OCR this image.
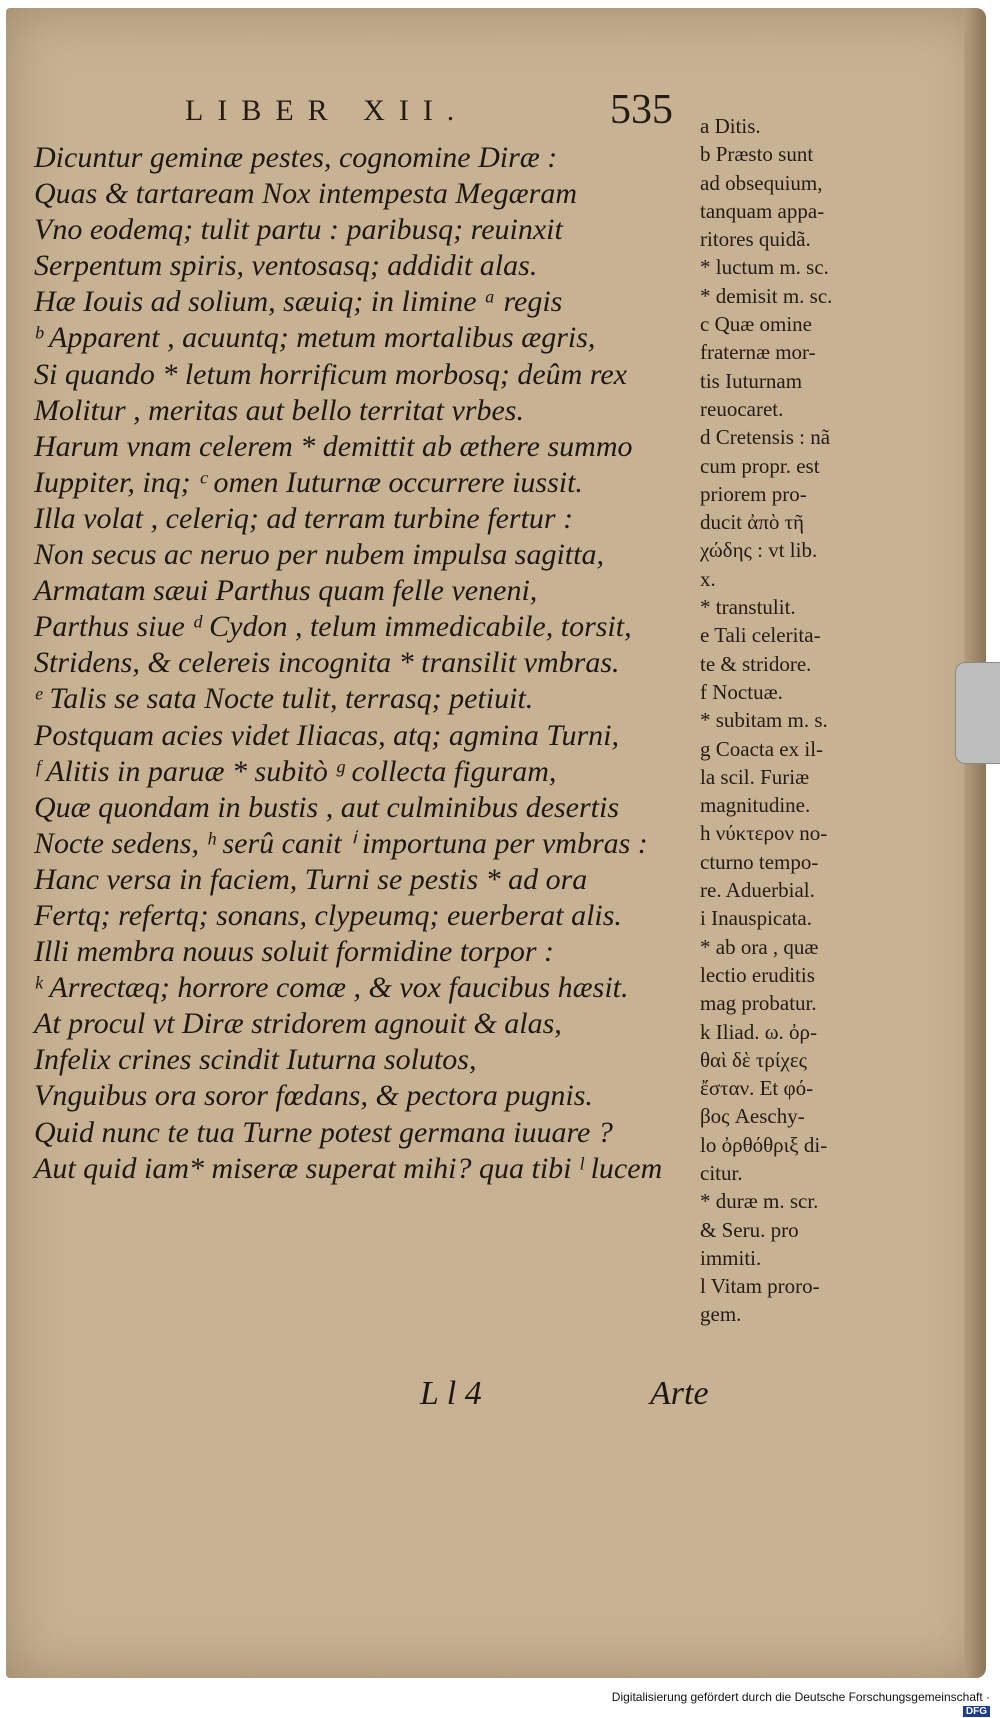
LIBER XII.	535
Dicuntur geminæ pestes, cognomine Diræ :
Quas & tartaream Nox intempesta Megæram
Vno eodemq; tulit partu : paribusq; reuinxit
Serpentum spiris, ventosasq; addidit alas.
Hæ Iouis ad solium, sæuiq; in limine ᵃ regis
ᵇ Apparent , acuuntq; metum mortalibus ægris,
Si quando * letum horrificum morbosq; deûm rex
Molitur , meritas aut bello territat vrbes.
Harum vnam celerem * demittit ab æthere summo
Iuppiter, inq; ᶜ omen Iuturnæ occurrere iussit.
Illa volat , celeriq; ad terram turbine fertur :
Non secus ac neruo per nubem impulsa sagitta,
Armatam sæui Parthus quam felle veneni,
Parthus siue ᵈ Cydon , telum immedicabile, torsit,
Stridens, & celereis incognita * transilit vmbras.
ᵉ Talis se sata Nocte tulit, terrasq; petiuit.
Postquam acies videt Iliacas, atq; agmina Turni,
ᶠ Alitis in paruæ * subitò ᵍ collecta figuram,
Quæ quondam in bustis , aut culminibus desertis
Nocte sedens, ʰ serû canit ⁱ importuna per vmbras :
Hanc versa in faciem, Turni se pestis * ad ora
Fertq; refertq; sonans, clypeumq; euerberat alis.
Illi membra nouus soluit formidine torpor :
ᵏ Arrectæq; horrore comæ , & vox faucibus hæsit.
At procul vt Diræ stridorem agnouit & alas,
Infelix crines scindit Iuturna solutos,
Vnguibus ora soror fœdans, & pectora pugnis.
Quid nunc te tua Turne potest germana iuuare ?
Aut quid iam* miseræ superat mihi? qua tibi ˡ lucem
L l 4	Arte
a Ditis.
b Præsto sunt
ad obsequium,
tanquam appa-
ritores quidã.
* luctum m. sc.
* demisit m. sc.
c Quæ omine
fraternæ mor-
tis Iuturnam
reuocaret.
d Cretensis : nã
cum propr. est
priorem pro-
ducit ἀπὸ τῆ
χώδης : vt lib.
x.
* transtulit.
e Tali celerita-
te & stridore.
f Noctuæ.
* subitam m. s.
g Coacta ex il-
la scil. Furiæ
magnitudine.
h νύκτερον no-
cturno tempo-
re. Aduerbial.
i Inauspicata.
* ab ora , quæ
lectio eruditis
mag probatur.
k Iliad. ω. ὀρ-
θαὶ δὲ τρίχες
ἔσταν. Et φό-
βος Aeschy-
lo ὀρθόθριξ di-
citur.
* duræ m. scr.
& Seru. pro
immiti.
l Vitam proro-
gem.
Digitalisierung gefördert durch die Deutsche Forschungsgemeinschaft · DFG
